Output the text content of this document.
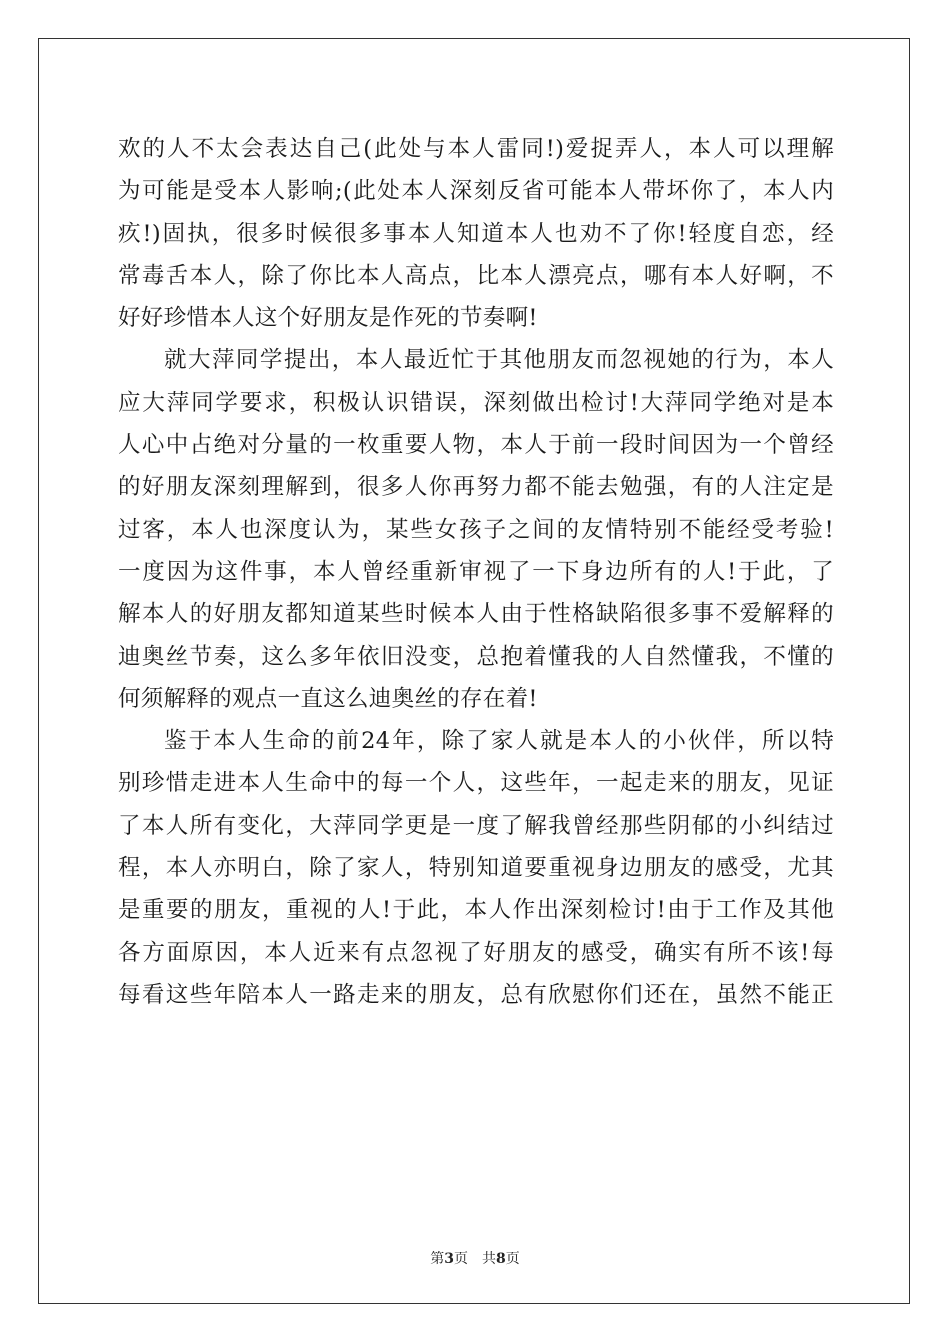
欢的人不太会表达自己(此处与本人雷同!)爱捉弄人，本人可以理解
为可能是受本人影响;(此处本人深刻反省可能本人带坏你了，本人内
疚!)固执，很多时候很多事本人知道本人也劝不了你!轻度自恋，经
常毒舌本人，除了你比本人高点，比本人漂亮点，哪有本人好啊，不
好好珍惜本人这个好朋友是作死的节奏啊!
就大萍同学提出，本人最近忙于其他朋友而忽视她的行为，本人
应大萍同学要求，积极认识错误，深刻做出检讨!大萍同学绝对是本
人心中占绝对分量的一枚重要人物，本人于前一段时间因为一个曾经
的好朋友深刻理解到，很多人你再努力都不能去勉强，有的人注定是
过客，本人也深度认为，某些女孩子之间的友情特别不能经受考验!
一度因为这件事，本人曾经重新审视了一下身边所有的人!于此，了
解本人的好朋友都知道某些时候本人由于性格缺陷很多事不爱解释的
迪奥丝节奏，这么多年依旧没变，总抱着懂我的人自然懂我，不懂的
何须解释的观点一直这么迪奥丝的存在着!
鉴于本人生命的前24年，除了家人就是本人的小伙伴，所以特
别珍惜走进本人生命中的每一个人，这些年，一起走来的朋友，见证
了本人所有变化，大萍同学更是一度了解我曾经那些阴郁的小纠结过
程，本人亦明白，除了家人，特别知道要重视身边朋友的感受，尤其
是重要的朋友，重视的人!于此，本人作出深刻检讨!由于工作及其他
各方面原因，本人近来有点忽视了好朋友的感受，确实有所不该!每
每看这些年陪本人一路走来的朋友，总有欣慰你们还在，虽然不能正
第3页 共8页
